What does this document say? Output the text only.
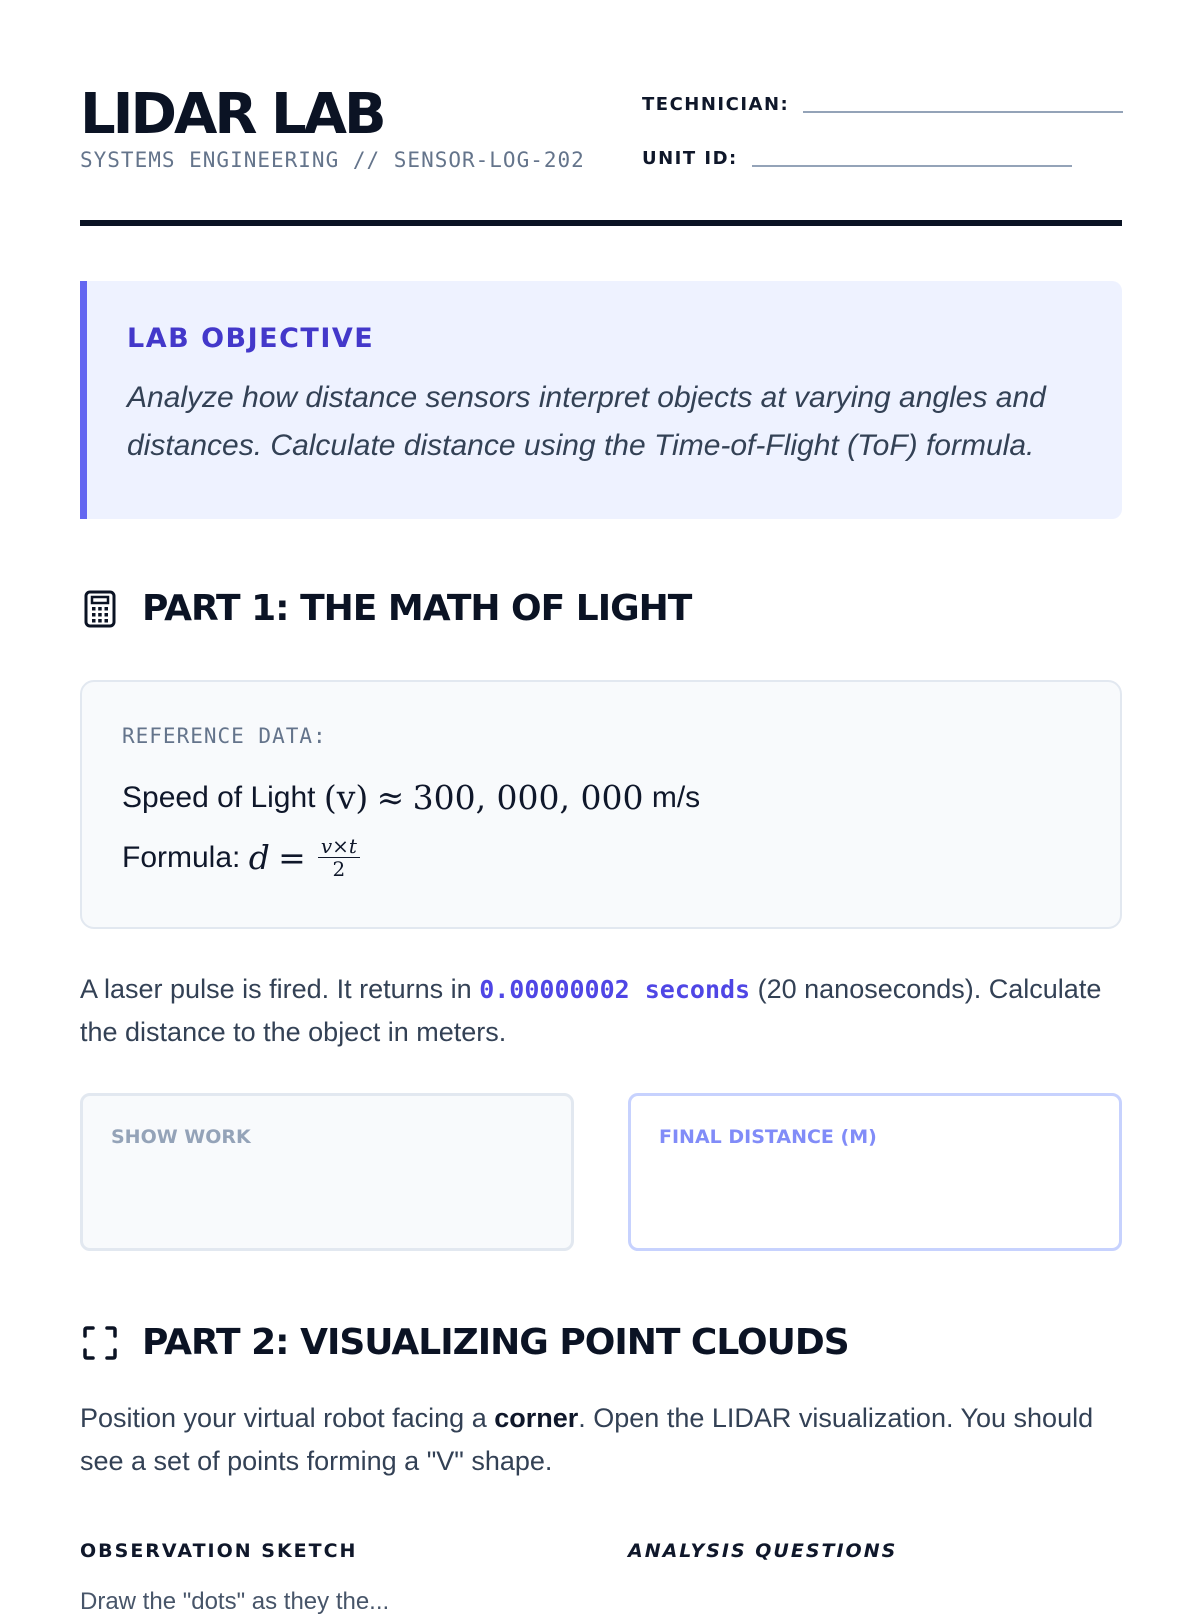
LIDAR LAB
SYSTEMS ENGINEERING // SENSOR-LOG-202
TECHNICIAN:
UNIT ID:

LAB OBJECTIVE

Analyze how distance sensors interpret objects at varying angles and distances. Calculate distance using the Time-of-Flight (ToF) formula.

PART 1: THE MATH OF LIGHT

REFERENCE DATA:

Speed of Light
(v)
≈
300, 000, 000
m/s

Formula:
d
= $\frac{v\times t}{2}$

A laser pulse is fired. It returns in 0.00000002 seconds (20 nanoseconds). Calculate the distance to the object in meters.

SHOW WORK	FINAL DISTANCE (M)
PART 2: VISUALIZING POINT CLOUDS

Position your virtual robot facing a corner. Open the LIDAR visualization. You should see a set of points forming a "V" shape.

OBSERVATION SKETCH	ANALYSIS QUESTIONS
Draw the "dots" as they the...
